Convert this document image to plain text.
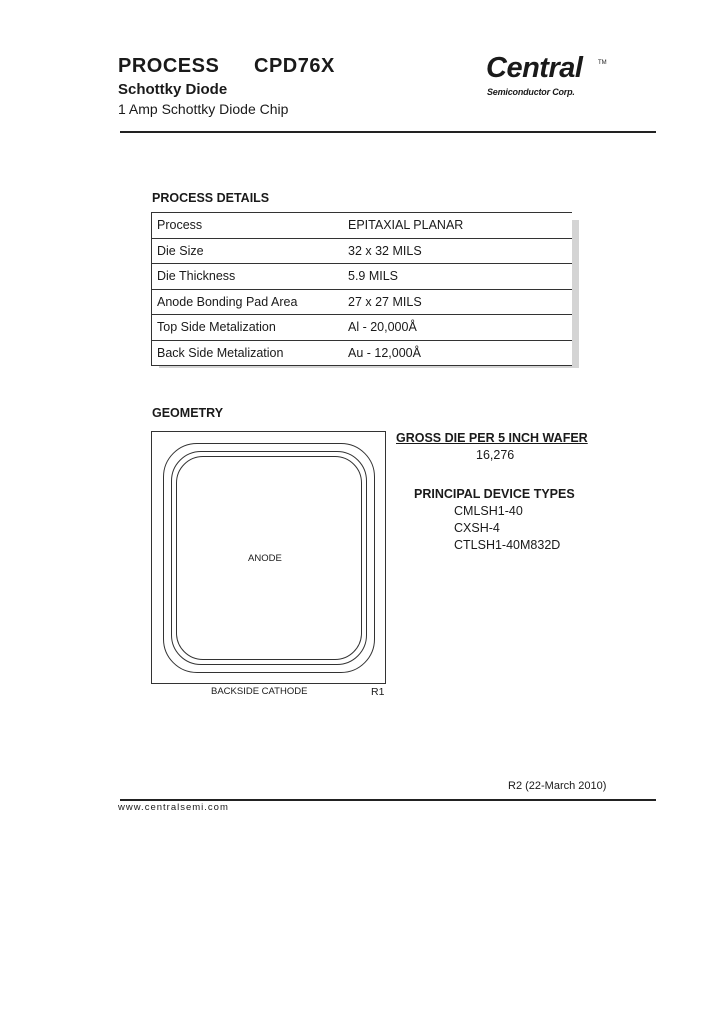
PROCESS CPD76X
Schottky Diode
1 Amp Schottky Diode Chip
Central	TM
Semiconductor Corp.
PROCESS DETAILS
Process	EPITAXIAL PLANAR
Die Size	32 x 32 MILS
Die Thickness	5.9 MILS
Anode Bonding Pad Area	27 x 27 MILS
Top Side Metalization	Al - 20,000Å
Back Side Metalization	Au - 12,000Å
GEOMETRY
ANODE
BACKSIDE CATHODE	R1
GROSS DIE PER 5 INCH WAFER
16,276
PRINCIPAL DEVICE TYPES
CMLSH1-40
CXSH-4
CTLSH1-40M832D
R2 (22-March 2010)
www.centralsemi.com
